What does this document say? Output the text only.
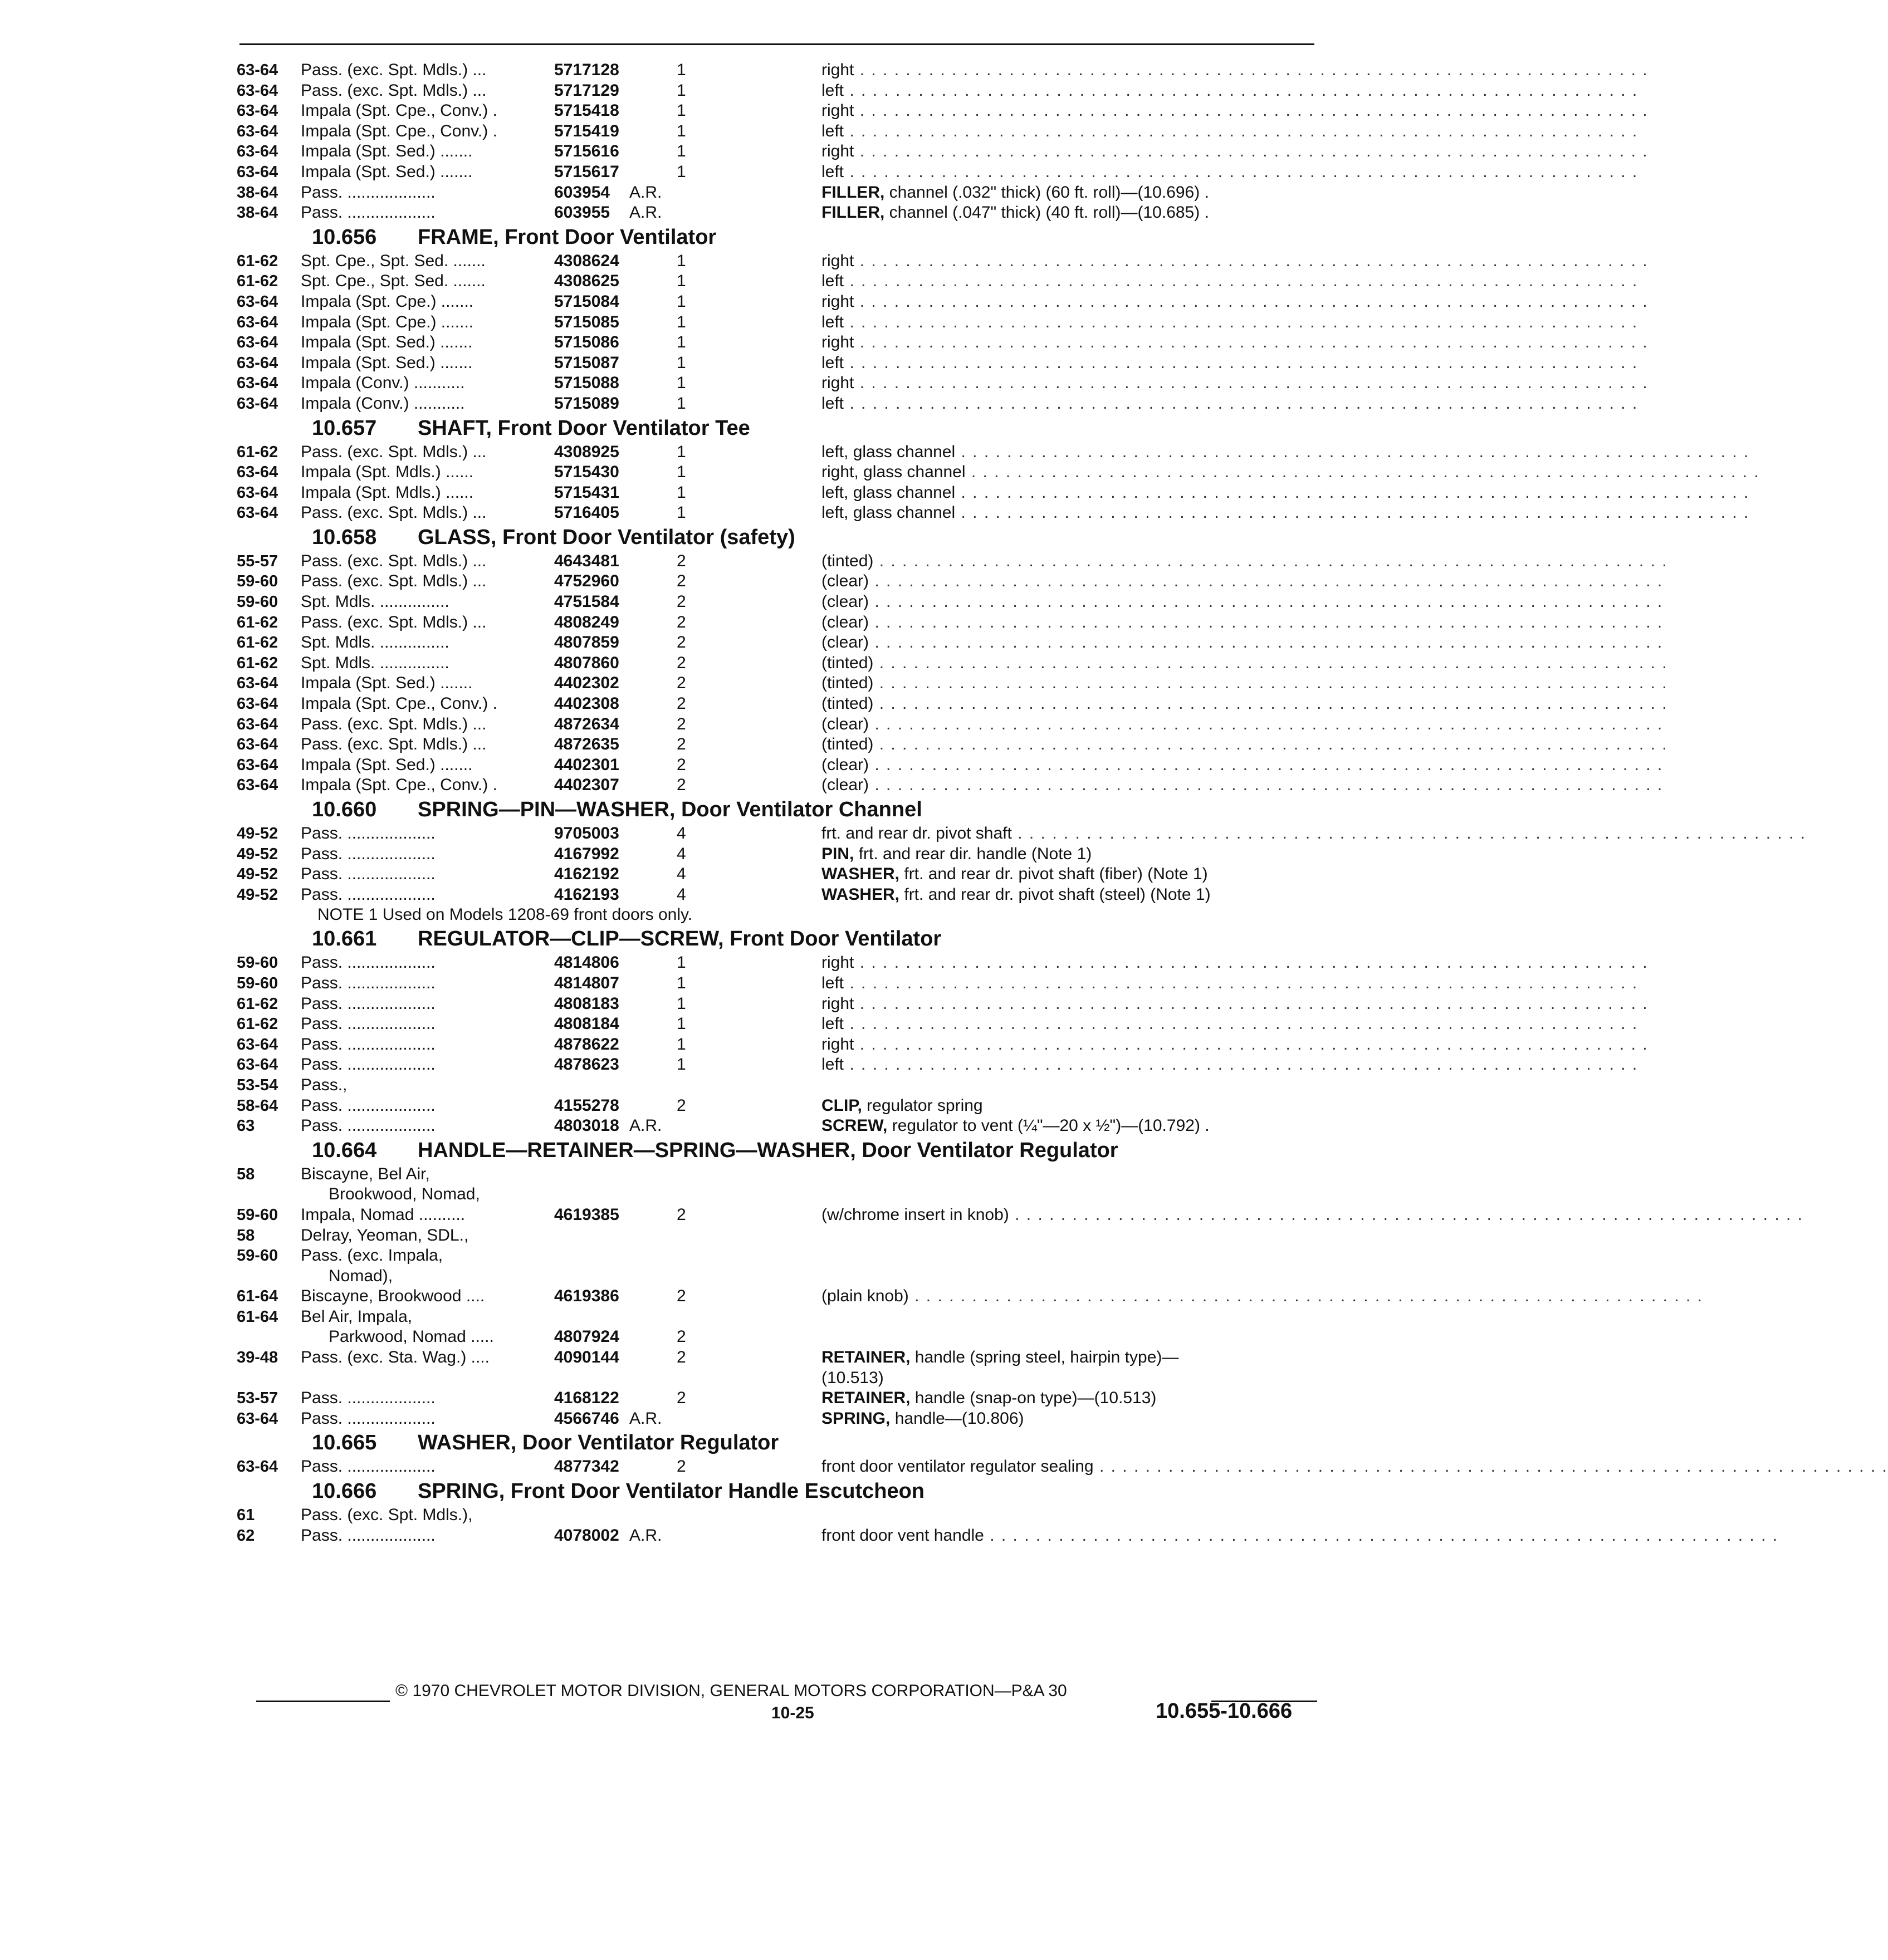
63-64	Pass. (exc. Spt. Mdls.) ...	5717128	1	right . . . . . . . . . . . . . . . . . . . . . . . . . . . . . . . . . . . . . . . . . . . . . . . . . . . . . . . . . . . . . . . . . . . . .
63-64	Pass. (exc. Spt. Mdls.) ...	5717129	1	left . . . . . . . . . . . . . . . . . . . . . . . . . . . . . . . . . . . . . . . . . . . . . . . . . . . . . . . . . . . . . . . . . . . . .
63-64	Impala (Spt. Cpe., Conv.) .	5715418	1	right . . . . . . . . . . . . . . . . . . . . . . . . . . . . . . . . . . . . . . . . . . . . . . . . . . . . . . . . . . . . . . . . . . . . .
63-64	Impala (Spt. Cpe., Conv.) .	5715419	1	left . . . . . . . . . . . . . . . . . . . . . . . . . . . . . . . . . . . . . . . . . . . . . . . . . . . . . . . . . . . . . . . . . . . . .
63-64	Impala (Spt. Sed.) .......	5715616	1	right . . . . . . . . . . . . . . . . . . . . . . . . . . . . . . . . . . . . . . . . . . . . . . . . . . . . . . . . . . . . . . . . . . . . .
63-64	Impala (Spt. Sed.) .......	5715617	1	left . . . . . . . . . . . . . . . . . . . . . . . . . . . . . . . . . . . . . . . . . . . . . . . . . . . . . . . . . . . . . . . . . . . . .
38-64	Pass. ...................	603954	A.R.	FILLER, channel (.032" thick) (60 ft. roll)—(10.696) .
38-64	Pass. ...................	603955	A.R.	FILLER, channel (.047" thick) (40 ft. roll)—(10.685) .
10.656 FRAME, Front Door Ventilator
61-62	Spt. Cpe., Spt. Sed. .......	4308624	1	right . . . . . . . . . . . . . . . . . . . . . . . . . . . . . . . . . . . . . . . . . . . . . . . . . . . . . . . . . . . . . . . . . . . . .
61-62	Spt. Cpe., Spt. Sed. .......	4308625	1	left . . . . . . . . . . . . . . . . . . . . . . . . . . . . . . . . . . . . . . . . . . . . . . . . . . . . . . . . . . . . . . . . . . . . .
63-64	Impala (Spt. Cpe.) .......	5715084	1	right . . . . . . . . . . . . . . . . . . . . . . . . . . . . . . . . . . . . . . . . . . . . . . . . . . . . . . . . . . . . . . . . . . . . .
63-64	Impala (Spt. Cpe.) .......	5715085	1	left . . . . . . . . . . . . . . . . . . . . . . . . . . . . . . . . . . . . . . . . . . . . . . . . . . . . . . . . . . . . . . . . . . . . .
63-64	Impala (Spt. Sed.) .......	5715086	1	right . . . . . . . . . . . . . . . . . . . . . . . . . . . . . . . . . . . . . . . . . . . . . . . . . . . . . . . . . . . . . . . . . . . . .
63-64	Impala (Spt. Sed.) .......	5715087	1	left . . . . . . . . . . . . . . . . . . . . . . . . . . . . . . . . . . . . . . . . . . . . . . . . . . . . . . . . . . . . . . . . . . . . .
63-64	Impala (Conv.) ...........	5715088	1	right . . . . . . . . . . . . . . . . . . . . . . . . . . . . . . . . . . . . . . . . . . . . . . . . . . . . . . . . . . . . . . . . . . . . .
63-64	Impala (Conv.) ...........	5715089	1	left . . . . . . . . . . . . . . . . . . . . . . . . . . . . . . . . . . . . . . . . . . . . . . . . . . . . . . . . . . . . . . . . . . . . .
10.657 SHAFT, Front Door Ventilator Tee
61-62	Pass. (exc. Spt. Mdls.) ...	4308925	1	left, glass channel . . . . . . . . . . . . . . . . . . . . . . . . . . . . . . . . . . . . . . . . . . . . . . . . . . . . . . . . . . . . . . . . . . . . .
63-64	Impala (Spt. Mdls.) ......	5715430	1	right, glass channel . . . . . . . . . . . . . . . . . . . . . . . . . . . . . . . . . . . . . . . . . . . . . . . . . . . . . . . . . . . . . . . . . . . . .
63-64	Impala (Spt. Mdls.) ......	5715431	1	left, glass channel . . . . . . . . . . . . . . . . . . . . . . . . . . . . . . . . . . . . . . . . . . . . . . . . . . . . . . . . . . . . . . . . . . . . .
63-64	Pass. (exc. Spt. Mdls.) ...	5716405	1	left, glass channel . . . . . . . . . . . . . . . . . . . . . . . . . . . . . . . . . . . . . . . . . . . . . . . . . . . . . . . . . . . . . . . . . . . . .
10.658 GLASS, Front Door Ventilator (safety)
55-57	Pass. (exc. Spt. Mdls.) ...	4643481	2	(tinted) . . . . . . . . . . . . . . . . . . . . . . . . . . . . . . . . . . . . . . . . . . . . . . . . . . . . . . . . . . . . . . . . . . . . .
59-60	Pass. (exc. Spt. Mdls.) ...	4752960	2	(clear) . . . . . . . . . . . . . . . . . . . . . . . . . . . . . . . . . . . . . . . . . . . . . . . . . . . . . . . . . . . . . . . . . . . . .
59-60	Spt. Mdls. ...............	4751584	2	(clear) . . . . . . . . . . . . . . . . . . . . . . . . . . . . . . . . . . . . . . . . . . . . . . . . . . . . . . . . . . . . . . . . . . . . .
61-62	Pass. (exc. Spt. Mdls.) ...	4808249	2	(clear) . . . . . . . . . . . . . . . . . . . . . . . . . . . . . . . . . . . . . . . . . . . . . . . . . . . . . . . . . . . . . . . . . . . . .
61-62	Spt. Mdls. ...............	4807859	2	(clear) . . . . . . . . . . . . . . . . . . . . . . . . . . . . . . . . . . . . . . . . . . . . . . . . . . . . . . . . . . . . . . . . . . . . .
61-62	Spt. Mdls. ...............	4807860	2	(tinted) . . . . . . . . . . . . . . . . . . . . . . . . . . . . . . . . . . . . . . . . . . . . . . . . . . . . . . . . . . . . . . . . . . . . .
63-64	Impala (Spt. Sed.) .......	4402302	2	(tinted) . . . . . . . . . . . . . . . . . . . . . . . . . . . . . . . . . . . . . . . . . . . . . . . . . . . . . . . . . . . . . . . . . . . . .
63-64	Impala (Spt. Cpe., Conv.) .	4402308	2	(tinted) . . . . . . . . . . . . . . . . . . . . . . . . . . . . . . . . . . . . . . . . . . . . . . . . . . . . . . . . . . . . . . . . . . . . .
63-64	Pass. (exc. Spt. Mdls.) ...	4872634	2	(clear) . . . . . . . . . . . . . . . . . . . . . . . . . . . . . . . . . . . . . . . . . . . . . . . . . . . . . . . . . . . . . . . . . . . . .
63-64	Pass. (exc. Spt. Mdls.) ...	4872635	2	(tinted) . . . . . . . . . . . . . . . . . . . . . . . . . . . . . . . . . . . . . . . . . . . . . . . . . . . . . . . . . . . . . . . . . . . . .
63-64	Impala (Spt. Sed.) .......	4402301	2	(clear) . . . . . . . . . . . . . . . . . . . . . . . . . . . . . . . . . . . . . . . . . . . . . . . . . . . . . . . . . . . . . . . . . . . . .
63-64	Impala (Spt. Cpe., Conv.) .	4402307	2	(clear) . . . . . . . . . . . . . . . . . . . . . . . . . . . . . . . . . . . . . . . . . . . . . . . . . . . . . . . . . . . . . . . . . . . . .
10.660 SPRING—PIN—WASHER, Door Ventilator Channel
49-52	Pass. ...................	9705003	4	frt. and rear dr. pivot shaft . . . . . . . . . . . . . . . . . . . . . . . . . . . . . . . . . . . . . . . . . . . . . . . . . . . . . . . . . . . . . . . . . . . . .
49-52	Pass. ...................	4167992	4	PIN, frt. and rear dir. handle (Note 1)
49-52	Pass. ...................	4162192	4	WASHER, frt. and rear dr. pivot shaft (fiber) (Note 1)
49-52	Pass. ...................	4162193	4	WASHER, frt. and rear dr. pivot shaft (steel) (Note 1)
NOTE 1 Used on Models 1208-69 front doors only.
10.661 REGULATOR—CLIP—SCREW, Front Door Ventilator
59-60	Pass. ...................	4814806	1	right . . . . . . . . . . . . . . . . . . . . . . . . . . . . . . . . . . . . . . . . . . . . . . . . . . . . . . . . . . . . . . . . . . . . .
59-60	Pass. ...................	4814807	1	left . . . . . . . . . . . . . . . . . . . . . . . . . . . . . . . . . . . . . . . . . . . . . . . . . . . . . . . . . . . . . . . . . . . . .
61-62	Pass. ...................	4808183	1	right . . . . . . . . . . . . . . . . . . . . . . . . . . . . . . . . . . . . . . . . . . . . . . . . . . . . . . . . . . . . . . . . . . . . .
61-62	Pass. ...................	4808184	1	left . . . . . . . . . . . . . . . . . . . . . . . . . . . . . . . . . . . . . . . . . . . . . . . . . . . . . . . . . . . . . . . . . . . . .
63-64	Pass. ...................	4878622	1	right . . . . . . . . . . . . . . . . . . . . . . . . . . . . . . . . . . . . . . . . . . . . . . . . . . . . . . . . . . . . . . . . . . . . .
63-64	Pass. ...................	4878623	1	left . . . . . . . . . . . . . . . . . . . . . . . . . . . . . . . . . . . . . . . . . . . . . . . . . . . . . . . . . . . . . . . . . . . . .
53-54	Pass.,
58-64	Pass. ...................	4155278	2	CLIP, regulator spring
63	Pass. ...................	4803018 A.R.	SCREW, regulator to vent (¼"—20 x ½")—(10.792) .
10.664 HANDLE—RETAINER—SPRING—WASHER, Door Ventilator Regulator
58	Biscayne, Bel Air,
Brookwood, Nomad,
59-60	Impala, Nomad ..........	4619385	2	(w/chrome insert in knob) . . . . . . . . . . . . . . . . . . . . . . . . . . . . . . . . . . . . . . . . . . . . . . . . . . . . . . . . . . . . . . . . . . . . .
58	Delray, Yeoman, SDL.,
59-60	Pass. (exc. Impala,
Nomad),
61-64	Biscayne, Brookwood ....	4619386	2	(plain knob) . . . . . . . . . . . . . . . . . . . . . . . . . . . . . . . . . . . . . . . . . . . . . . . . . . . . . . . . . . . . . . . . . . . . .
61-64	Bel Air, Impala,
Parkwood, Nomad .....	4807924	2
39-48	Pass. (exc. Sta. Wag.) ....	4090144	2	RETAINER, handle (spring steel, hairpin type)—
(10.513)
53-57	Pass. ...................	4168122	2	RETAINER, handle (snap-on type)—(10.513)
63-64	Pass. ...................	4566746 A.R.	SPRING, handle—(10.806)
10.665 WASHER, Door Ventilator Regulator
63-64	Pass. ...................	4877342	2	front door ventilator regulator sealing . . . . . . . . . . . . . . . . . . . . . . . . . . . . . . . . . . . . . . . . . . . . . . . . . . . . . . . . . . . . . . . . . . . . .
10.666 SPRING, Front Door Ventilator Handle Escutcheon
61	Pass. (exc. Spt. Mdls.),
62	Pass. ...................	4078002 A.R.	front door vent handle . . . . . . . . . . . . . . . . . . . . . . . . . . . . . . . . . . . . . . . . . . . . . . . . . . . . . . . . . . . . . . . . . . . . .
© 1970 CHEVROLET MOTOR DIVISION, GENERAL MOTORS CORPORATION—P&A 30
10-25	10.655-10.666
